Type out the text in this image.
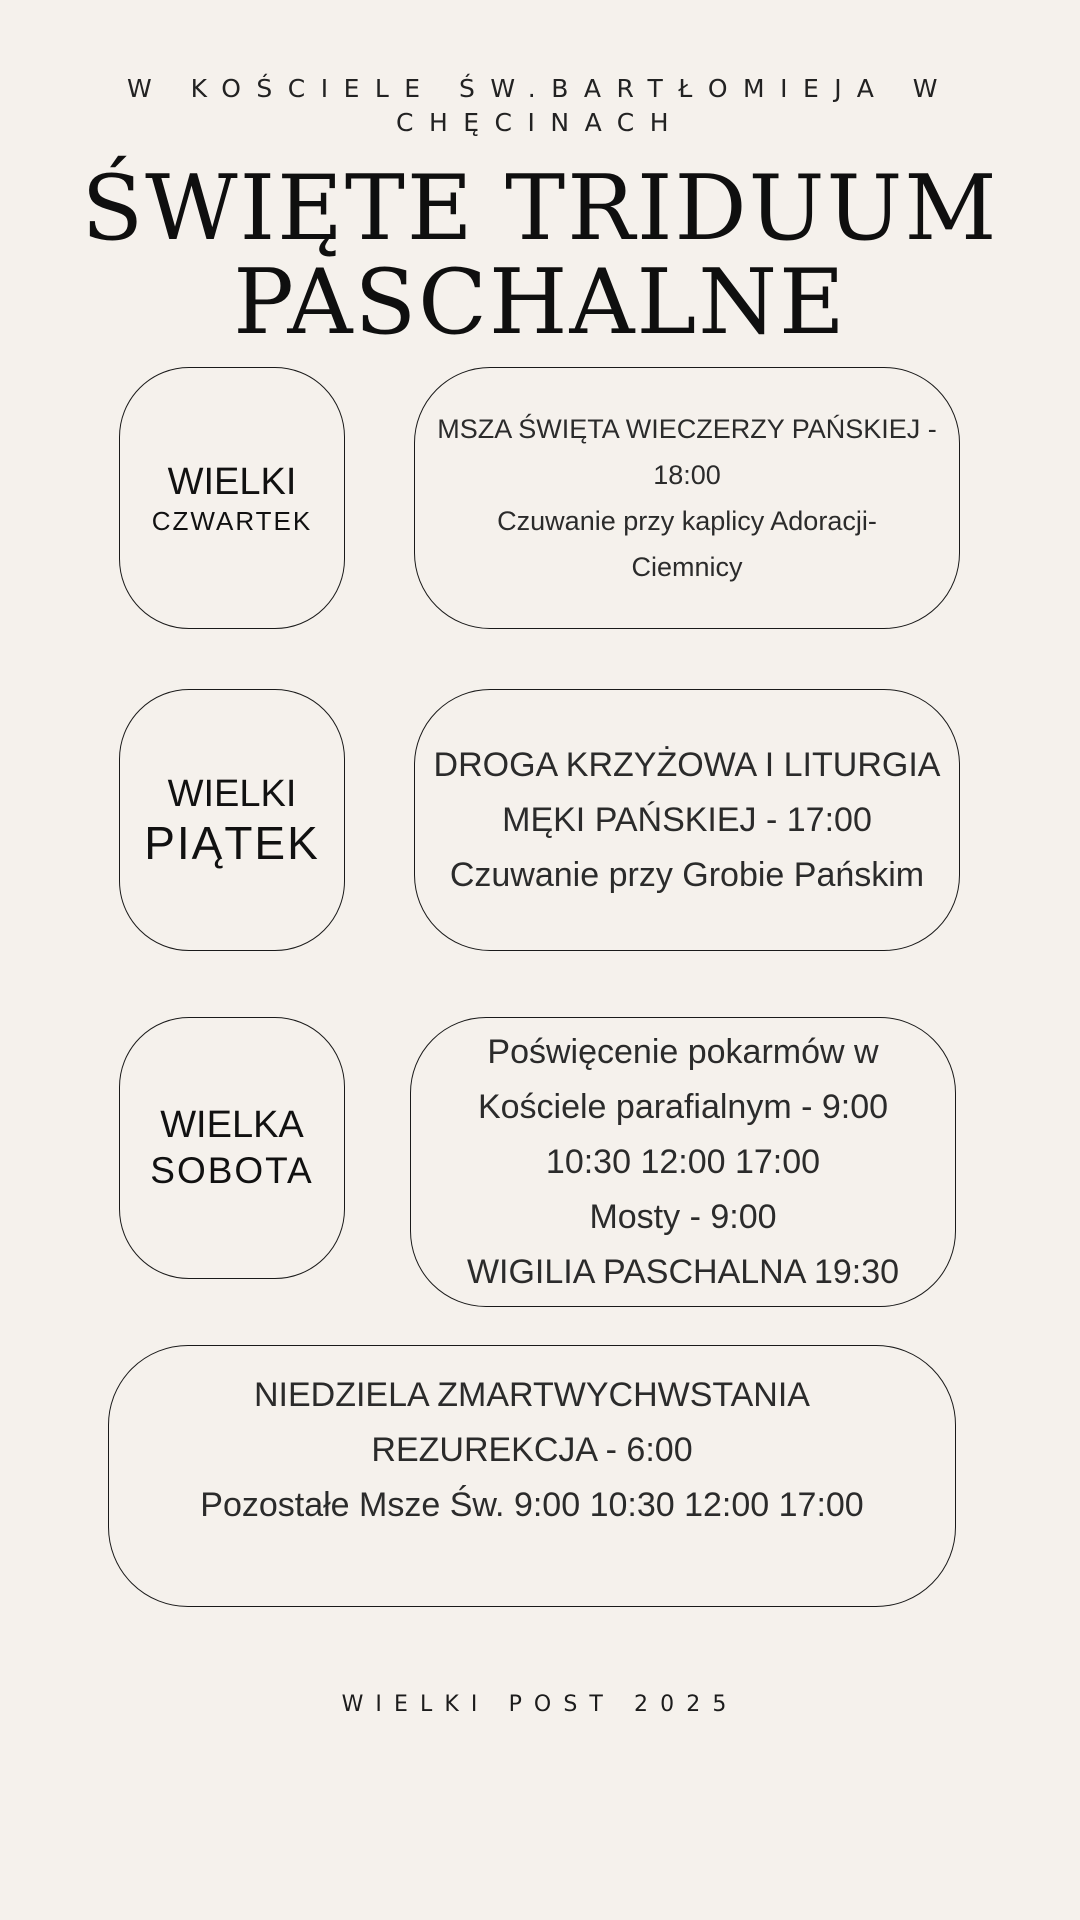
W KOŚCIELE ŚW.BARTŁOMIEJA W CHĘCINACH
ŚWIĘTE TRIDUUM
PASCHALNE
WIELKI
CZWARTEK
MSZA ŚWIĘTA WIECZERZY PAŃSKIEJ -
18:00
Czuwanie przy kaplicy Adoracji-
Ciemnicy
WIELKI
PIĄTEK
DROGA KRZYŻOWA I LITURGIA
MĘKI PAŃSKIEJ - 17:00
Czuwanie przy Grobie Pańskim
WIELKA
SOBOTA
Poświęcenie pokarmów w
Kościele parafialnym - 9:00
10:30 12:00 17:00
Mosty - 9:00
WIGILIA PASCHALNA 19:30
NIEDZIELA ZMARTWYCHWSTANIA
REZUREKCJA - 6:00
Pozostałe Msze Św. 9:00 10:30 12:00 17:00
WIELKI POST 2025
